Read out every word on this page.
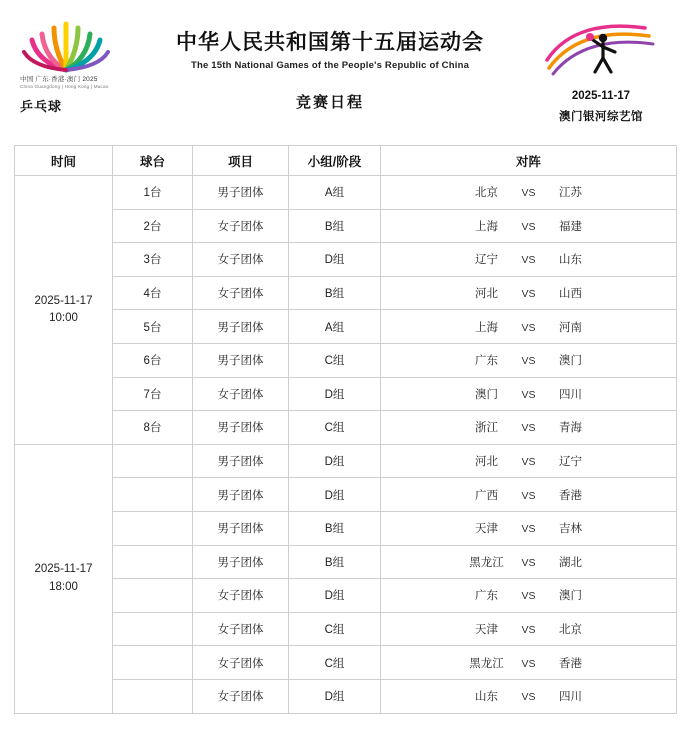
中国 广东·香港·澳门 2025
China Guangdong | Hong Kong | Macao
乒乓球
中华人民共和国第十五届运动会
The 15th National Games of the People's Republic of China
竞赛日程	2025-11-17
澳门银河综艺馆
时间	球台	项目	小组/阶段	对阵

2025-11-17
10:00	1台	男子团体	A组	北京 VS 江苏
	2台	女子团体	B组	上海 VS 福建
	3台	女子团体	D组	辽宁 VS 山东
	4台	女子团体	B组	河北 VS 山西
	5台	男子团体	A组	上海 VS 河南
	6台	男子团体	C组	广东 VS 澳门
	7台	女子团体	D组	澳门 VS 四川
	8台	男子团体	C组	浙江 VS 青海

2025-11-17
18:00		男子团体	D组	河北 VS 辽宁
		男子团体	D组	广西 VS 香港
		男子团体	B组	天津 VS 吉林
		男子团体	B组	黑龙江 VS 湖北
		女子团体	D组	广东 VS 澳门
		女子团体	C组	天津 VS 北京
		女子团体	C组	黑龙江 VS 香港
		女子团体	D组	山东 VS 四川
